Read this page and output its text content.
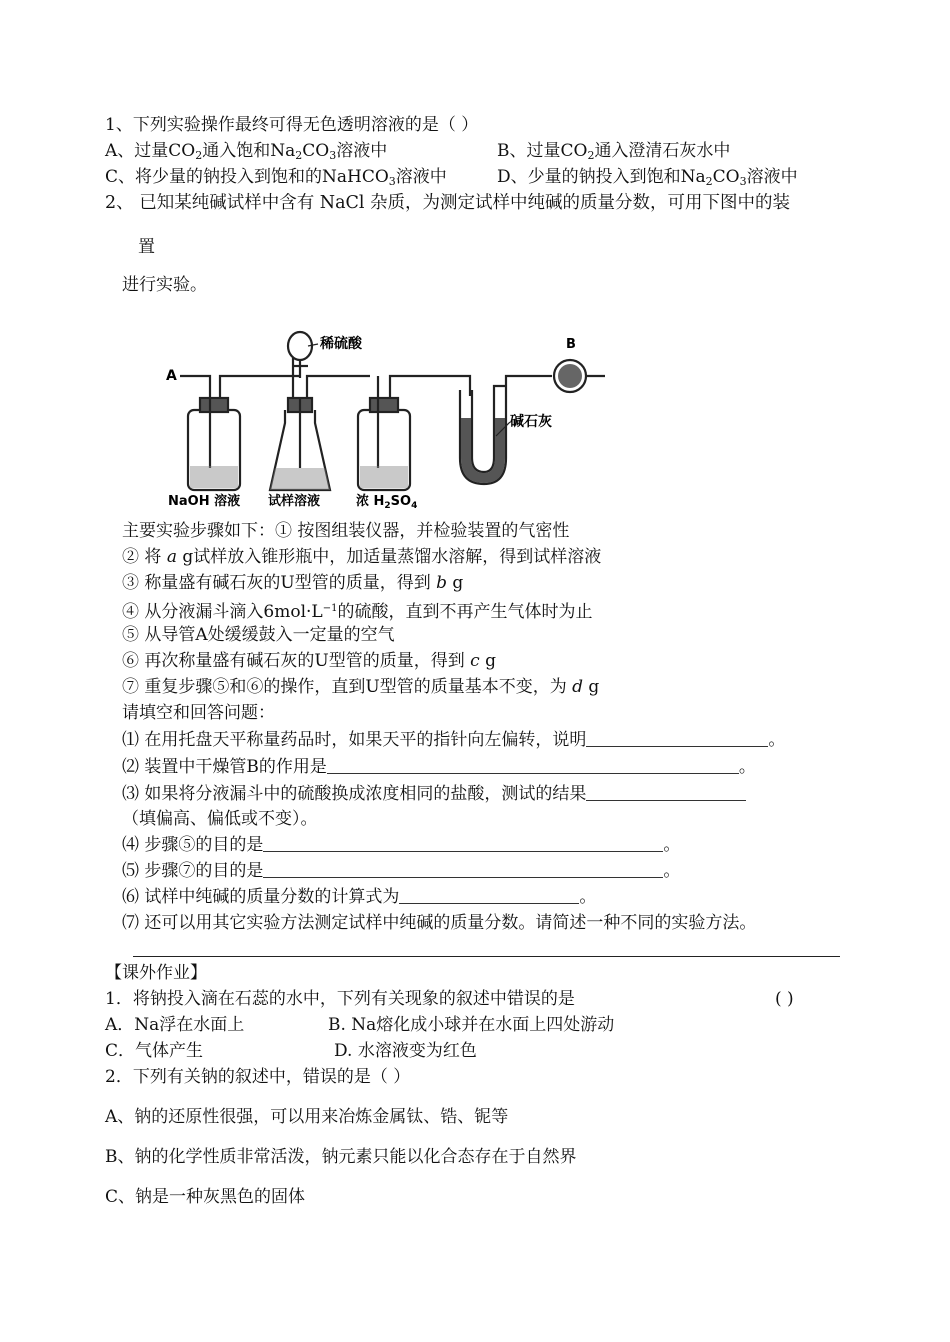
1、下列实验操作最终可得无色透明溶液的是（ ）
A、过量$CO_2$通入饱和$Na_2CO_3$溶液中	B、过量$CO_2$通入澄清石灰水中
C、将少量的钠投入到饱和的NaHCO$_3$溶液中	D、少量的钠投入到饱和$Na_2CO_3$溶液中
2、 已知某纯碱试样中含有 NaCl 杂质，为测定试样中纯碱的质量分数，可用下图中的装
置
进行实验。
A
B
稀硫酸
碱石灰
NaOH 溶液 试样溶液	浓 $H_2SO_4$
主要实验步骤如下：① 按图组装仪器，并检验装置的气密性
② 将 a g试样放入锥形瓶中，加适量蒸馏水溶解，得到试样溶液
③ 称量盛有碱石灰的U型管的质量，得到 b g
④ 从分液漏斗滴入$6mol\cdot L^{-1}$的硫酸，直到不再产生气体时为止
⑤ 从导管A处缓缓鼓入一定量的空气
⑥ 再次称量盛有碱石灰的U型管的质量，得到 c g
⑦ 重复步骤⑤和⑥的操作，直到U型管的质量基本不变，为 d g
请填空和回答问题：
⑴ 在用托盘天平称量药品时，如果天平的指针向左偏转，说明	。
⑵ 装置中干燥管B的作用是	。
⑶ 如果将分液漏斗中的硫酸换成浓度相同的盐酸，测试的结果
（填偏高、偏低或不变）。
⑷ 步骤⑤的目的是	。
⑸ 步骤⑦的目的是	。
⑹ 试样中纯碱的质量分数的计算式为	。
⑺ 还可以用其它实验方法测定试样中纯碱的质量分数。请简述一种不同的实验方法。
【课外作业】
1．将钠投入滴在石蕊的水中，下列有关现象的叙述中错误的是	( )
A．Na浮在水面上	B. Na熔化成小球并在水面上四处游动
C．气体产生	D. 水溶液变为红色
2．下列有关钠的叙述中，错误的是（ ）
A、钠的还原性很强，可以用来冶炼金属钛、锆、铌等
B、钠的化学性质非常活泼，钠元素只能以化合态存在于自然界
C、钠是一种灰黑色的固体
